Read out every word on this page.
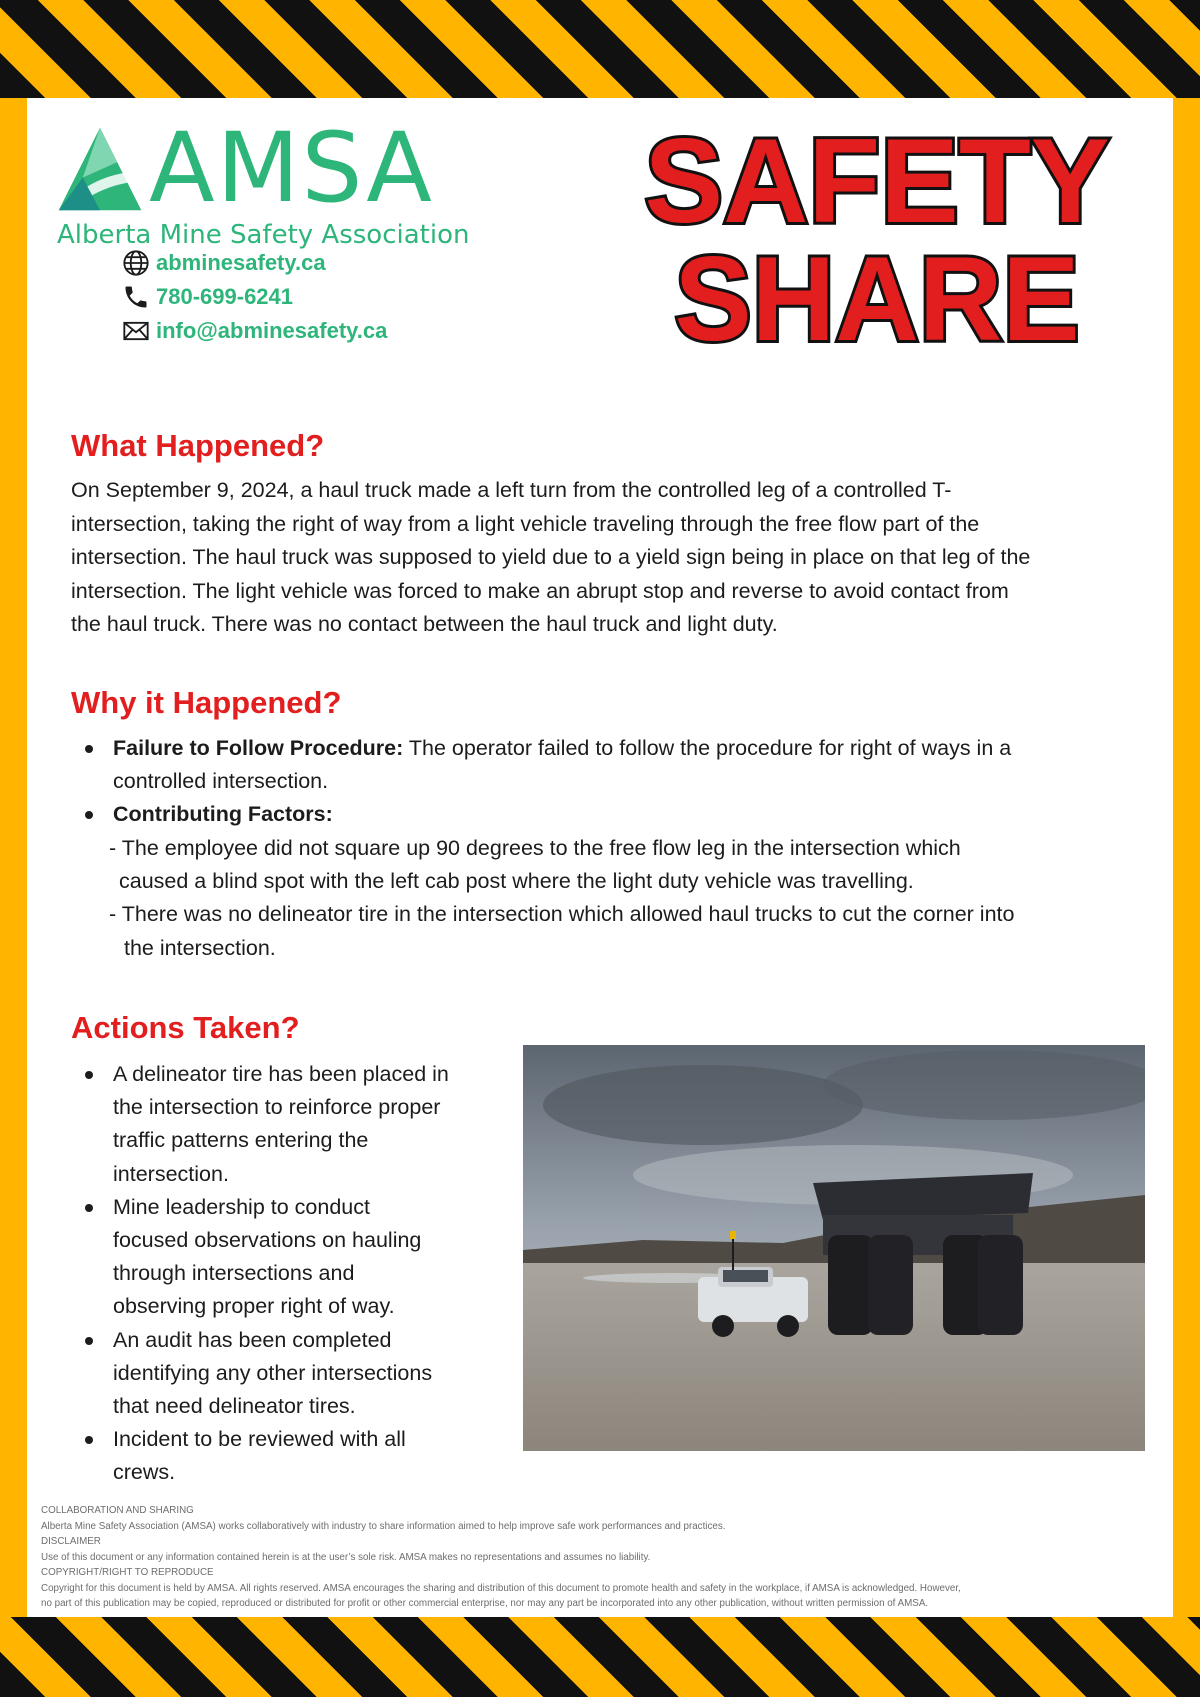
AMSA
Alberta Mine Safety Association
abminesafety.ca
780-699-6241
info@abminesafety.ca
SAFETY
SHARE
What Happened?
On September 9, 2024, a haul truck made a left turn from the controlled leg of a controlled T-
intersection, taking the right of way from a light vehicle traveling through the free flow part of the
intersection. The haul truck was supposed to yield due to a yield sign being in place on that leg of the
intersection. The light vehicle was forced to make an abrupt stop and reverse to avoid contact from
the haul truck. There was no contact between the haul truck and light duty.
Why it Happened?
Failure to Follow Procedure: The operator failed to follow the procedure for right of ways in a
controlled intersection.
Contributing Factors:
- The employee did not square up 90 degrees to the free flow leg in the intersection which
caused a blind spot with the left cab post where the light duty vehicle was travelling.
- There was no delineator tire in the intersection which allowed haul trucks to cut the corner into
the intersection.
Actions Taken?
A delineator tire has been placed in
the intersection to reinforce proper
traffic patterns entering the
intersection.
Mine leadership to conduct
focused observations on hauling
through intersections and
observing proper right of way.
An audit has been completed
identifying any other intersections
that need delineator tires.
Incident to be reviewed with all
crews.
COLLABORATION AND SHARING
Alberta Mine Safety Association (AMSA) works collaboratively with industry to share information aimed to help improve safe work performances and practices.
DISCLAIMER
Use of this document or any information contained herein is at the user’s sole risk. AMSA makes no representations and assumes no liability.
COPYRIGHT/RIGHT TO REPRODUCE
Copyright for this document is held by AMSA. All rights reserved. AMSA encourages the sharing and distribution of this document to promote health and safety in the workplace, if AMSA is acknowledged. However,
no part of this publication may be copied, reproduced or distributed for profit or other commercial enterprise, nor may any part be incorporated into any other publication, without written permission of AMSA.
